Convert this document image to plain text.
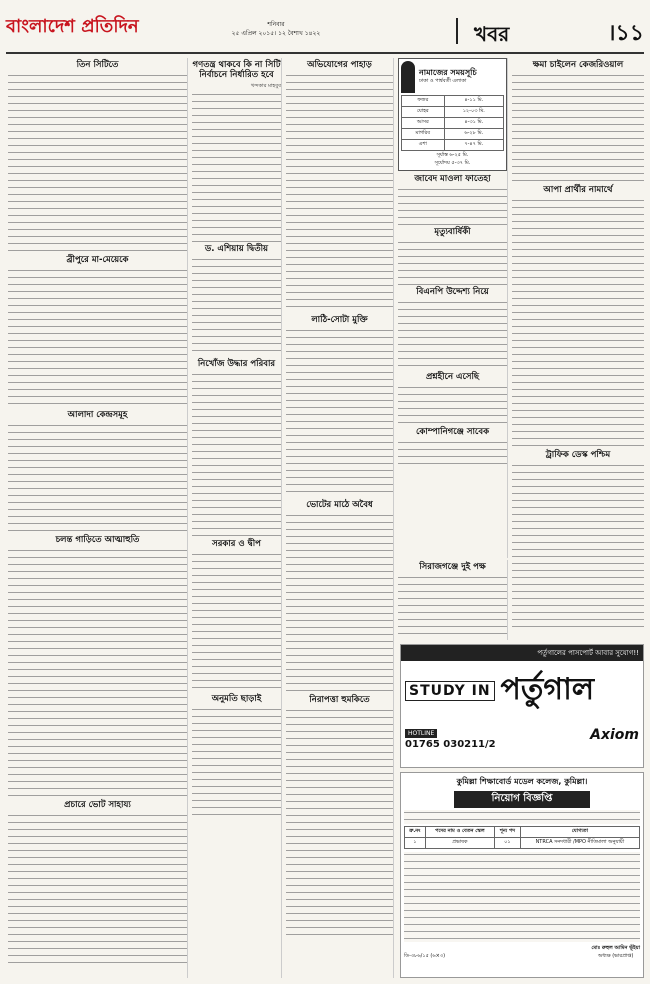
বাংলাদেশ প্রতিদিন	শনিবার
২৫ এপ্রিল ২০১৫। ১২ বৈশাখ ১৪২২	খবর	।১১
তিন সিটিতে
ব্রীপুরে মা-মেয়েকে
আলাদা কেন্দ্রসমূহ
চলন্ত গাড়িতে আত্মাহুতি
প্রচারে ভোট সাহায্য
গণতন্ত্র থাকবে কি না সিটি নির্বাচনে নির্ধারিত হবে
খন্দকার মাহবুব
ড. এশিয়ায় দ্বিতীয়
নিখোঁজ উদ্ধার পরিবার
সরকার ও দ্বীপ
অনুমতি ছাড়াই
অভিযোগের পাহাড়
লাঠি-সোটা মুক্তি
ভোটের মাঠে অবৈধ
নিরাপত্তা হুমকিতে
নামাজের সময়সূচি
ঢাকা ও পার্শ্ববর্তী এলাকা
ফজর	৪-১১ মি.
যোহর	১২-০৩ মি.
আসর	৪-৩১ মি.
মাগরিব	৬-২৮ মি.
এশা	৭-৪৭ মি.
সূর্যাস্ত ৬-২৫ মি.
সূর্যোদয় ৫-৩৭ মি.
জাবেদ মাওলা ফাতেহা
মৃত্যুবার্ষিকী
বিএনপি উদ্দেশ্য নিয়ে
প্রশ্নহীনে এসেছি
কোম্পানিগঞ্জে সাবেক
সিরাজগঞ্জে দুই পক্ষ
ক্ষমা চাইলেন কেজরিওয়াল
আপা প্রার্থীর নামার্থে
ট্রাফিক ডেস্ক পশ্চিম
পর্তুগালের পাসপোর্ট আবার সুযোগ!!
STUDY IN পর্তুগাল
HOTLINE
01765 030211/2
Axiom
কুমিল্লা শিক্ষাবোর্ড মডেল কলেজ, কুমিল্লা।
নিয়োগ বিজ্ঞপ্তি
ক্র.নং	পদের নাম ও বেতন স্কেল	শূন্য পদ	যোগ্যতা
১	প্রভাষক	০১	NTRCA সনদধারী /MPO নীতিমালা অনুযায়ী
ডি-৩৮৬/১৫ (৬×৩)
মোঃ রুহুল আমিন ভূঁইয়া
অধ্যক্ষ (ভারপ্রাপ্ত)
